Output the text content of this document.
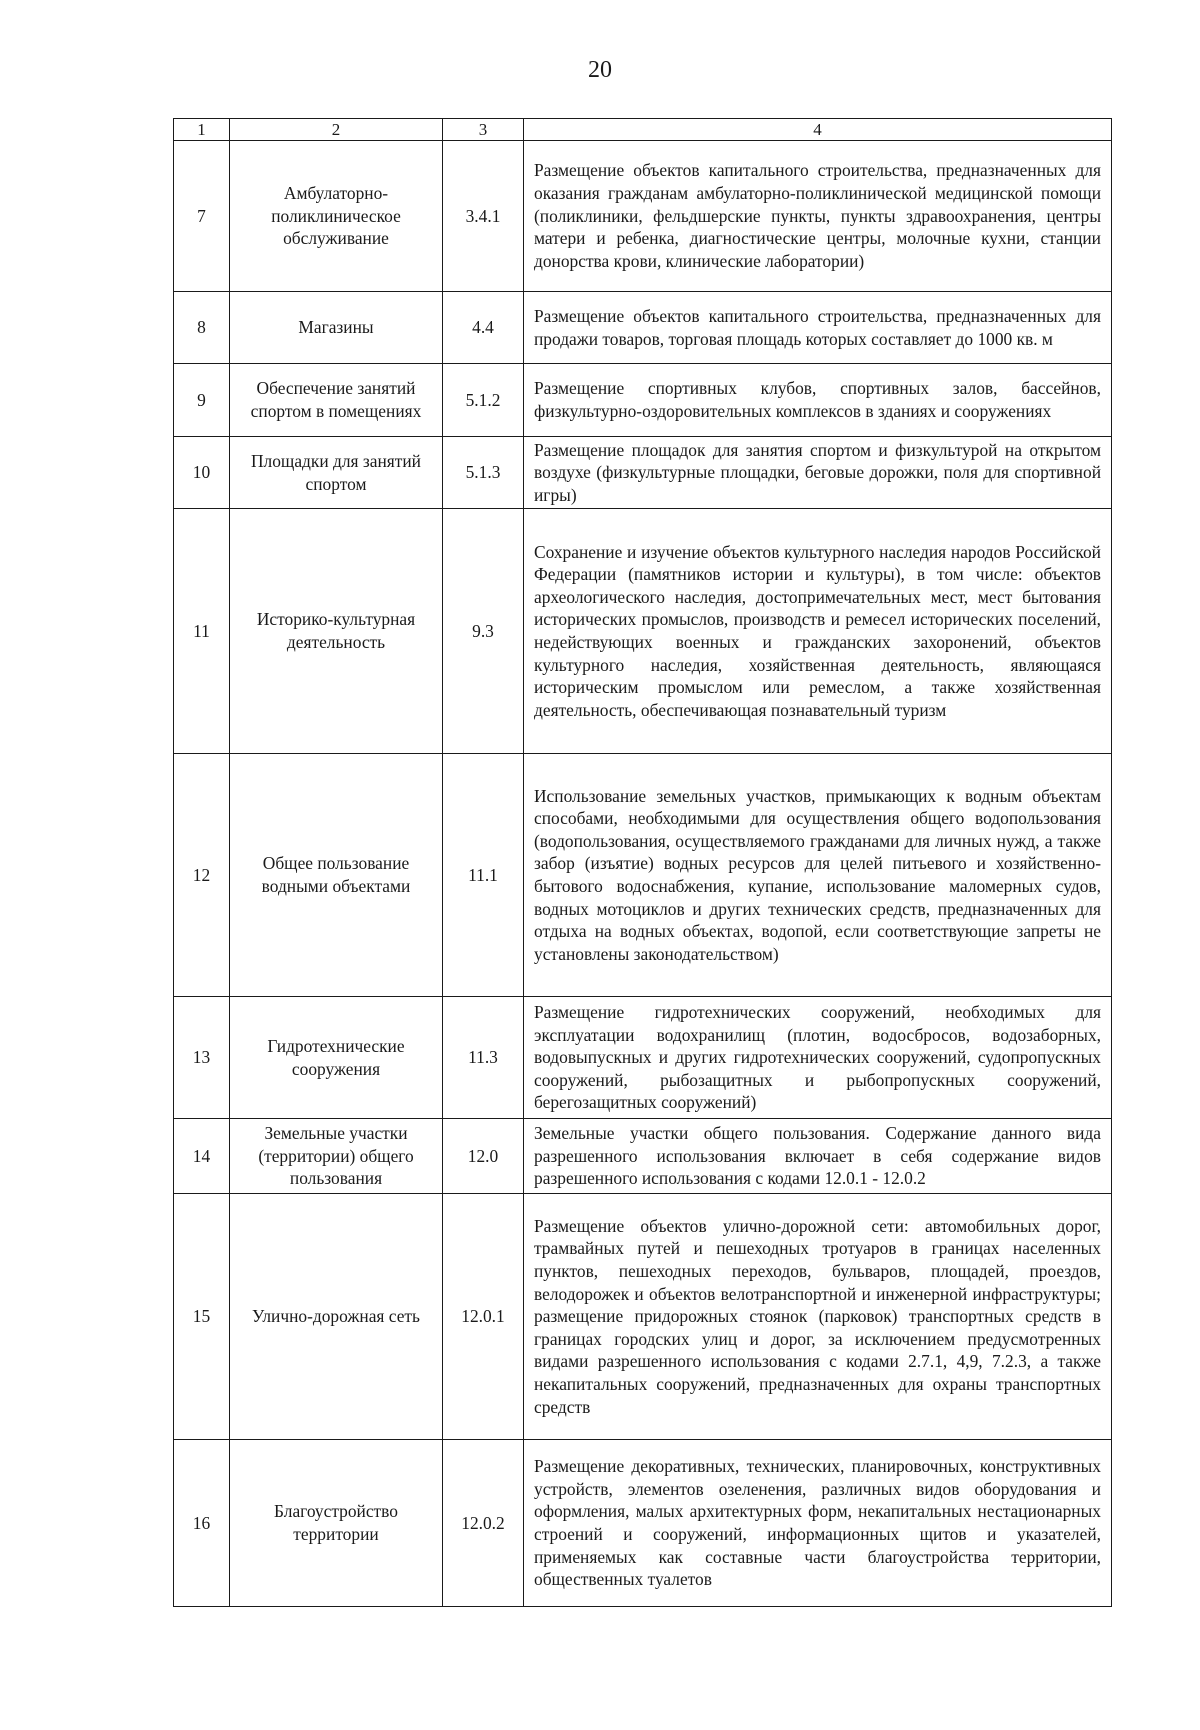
20
1	2	3	4
7	Амбулаторно-поликлиническое обслуживание	3.4.1	Размещение объектов капитального строительства, предназначенных для оказания гражданам амбулаторно-поликлинической медицинской помощи (поликлиники, фельдшерские пункты, пункты здравоохранения, центры матери и ребенка, диагностические центры, молочные кухни, станции донорства крови, клинические лаборатории)
8	Магазины	4.4	Размещение объектов капитального строительства, предназначенных для продажи товаров, торговая площадь которых составляет до 1000 кв. м
9	Обеспечение занятий спортом в помещениях	5.1.2	Размещение спортивных клубов, спортивных залов, бассейнов, физкультурно-оздоровительных комплексов в зданиях и сооружениях
10	Площадки для занятий спортом	5.1.3	Размещение площадок для занятия спортом и физкультурой на открытом воздухе (физкультурные площадки, беговые дорожки, поля для спортивной игры)
11	Историко-культурная деятельность	9.3	Сохранение и изучение объектов культурного наследия народов Российской Федерации (памятников истории и культуры), в том числе: объектов археологического наследия, достопримечательных мест, мест бытования исторических промыслов, производств и ремесел исторических поселений, недействующих военных и гражданских захоронений, объектов культурного наследия, хозяйственная деятельность, являющаяся историческим промыслом или ремеслом, а также хозяйственная деятельность, обеспечивающая познавательный туризм
12	Общее пользование водными объектами	11.1	Использование земельных участков, примыкающих к водным объектам способами, необходимыми для осуществления общего водопользования (водопользования, осуществляемого гражданами для личных нужд, а также забор (изъятие) водных ресурсов для целей питьевого и хозяйственно-бытового водоснабжения, купание, использование маломерных судов, водных мотоциклов и других технических средств, предназначенных для отдыха на водных объектах, водопой, если соответствующие запреты не установлены законодательством)
13	Гидротехнические сооружения	11.3	Размещение гидротехнических сооружений, необходимых для эксплуатации водохранилищ (плотин, водосбросов, водозаборных, водовыпускных и других гидротехнических сооружений, судопропускных сооружений, рыбозащитных и рыбопропускных сооружений, берегозащитных сооружений)
14	Земельные участки (территории) общего пользования	12.0	Земельные участки общего пользования. Содержание данного вида разрешенного использования включает в себя содержание видов разрешенного использования с кодами 12.0.1 - 12.0.2
15	Улично-дорожная сеть	12.0.1	Размещение объектов улично-дорожной сети: автомобильных дорог, трамвайных путей и пешеходных тротуаров в границах населенных пунктов, пешеходных переходов, бульваров, площадей, проездов, велодорожек и объектов велотранспортной и инженерной инфраструктуры; размещение придорожных стоянок (парковок) транспортных средств в границах городских улиц и дорог, за исключением предусмотренных видами разрешенного использования с кодами 2.7.1, 4,9, 7.2.3, а также некапитальных сооружений, предназначенных для охраны транспортных средств
16	Благоустройство территории	12.0.2	Размещение декоративных, технических, планировочных, конструктивных устройств, элементов озеленения, различных видов оборудования и оформления, малых архитектурных форм, некапитальных нестационарных строений и сооружений, информационных щитов и указателей, применяемых как составные части благоустройства территории, общественных туалетов
